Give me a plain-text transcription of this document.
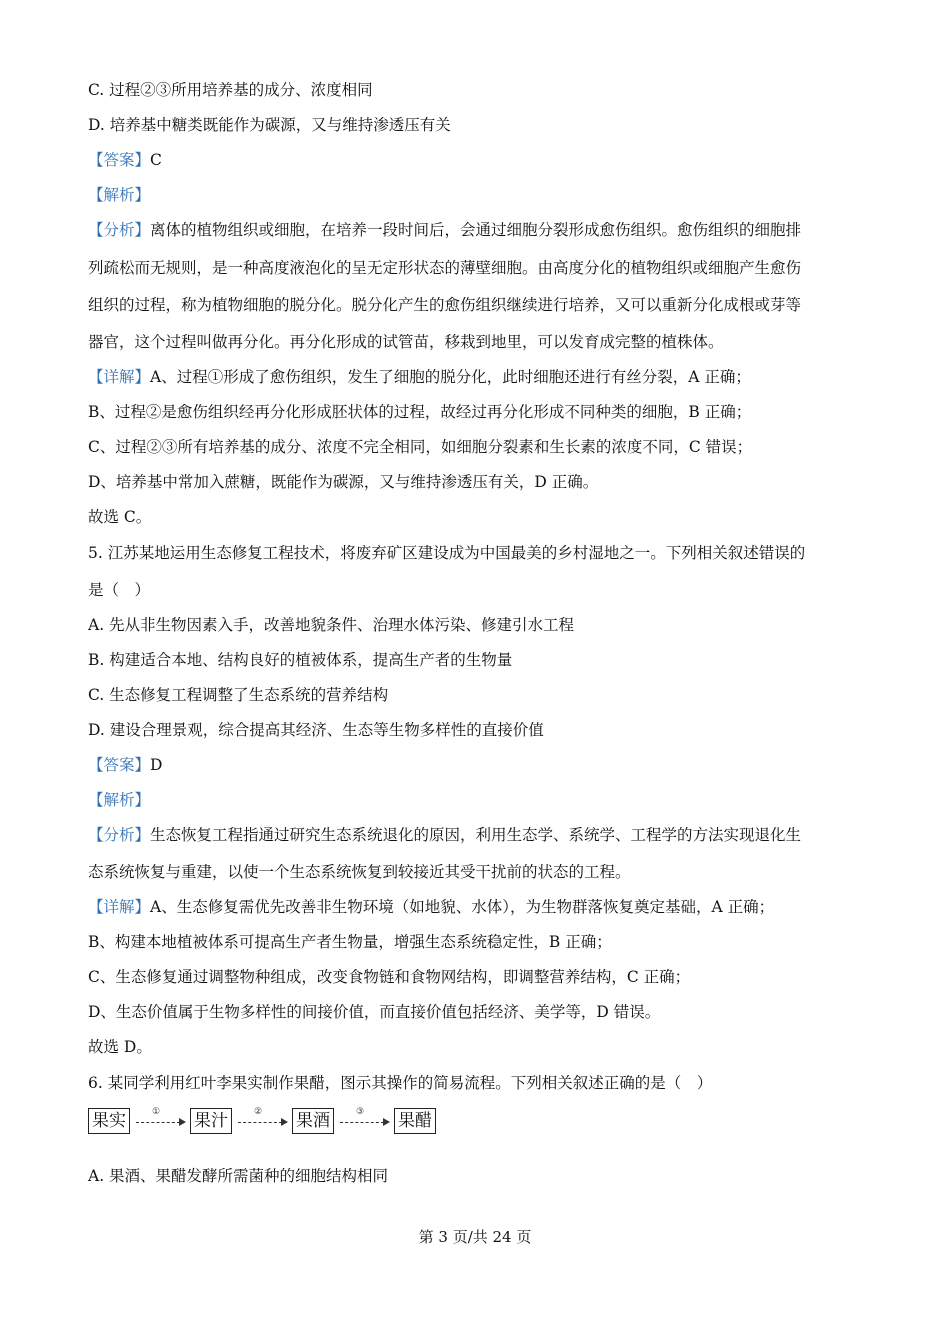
C. 过程②③所用培养基的成分、浓度相同
D. 培养基中糖类既能作为碳源，又与维持渗透压有关
【答案】C
【解析】
【分析】离体的植物组织或细胞，在培养一段时间后，会通过细胞分裂形成愈伤组织。愈伤组织的细胞排
列疏松而无规则，是一种高度液泡化的呈无定形状态的薄壁细胞。由高度分化的植物组织或细胞产生愈伤
组织的过程，称为植物细胞的脱分化。脱分化产生的愈伤组织继续进行培养，又可以重新分化成根或芽等
器官，这个过程叫做再分化。再分化形成的试管苗，移栽到地里，可以发育成完整的植株体。
【详解】A、过程①形成了愈伤组织，发生了细胞的脱分化，此时细胞还进行有丝分裂，A 正确；
B、过程②是愈伤组织经再分化形成胚状体的过程，故经过再分化形成不同种类的细胞，B 正确；
C、过程②③所有培养基的成分、浓度不完全相同，如细胞分裂素和生长素的浓度不同，C 错误；
D、培养基中常加入蔗糖，既能作为碳源，又与维持渗透压有关，D 正确。
故选 C。
5. 江苏某地运用生态修复工程技术，将废弃矿区建设成为中国最美的乡村湿地之一。下列相关叙述错误的
是（　）
A. 先从非生物因素入手，改善地貌条件、治理水体污染、修建引水工程
B. 构建适合本地、结构良好的植被体系，提高生产者的生物量
C. 生态修复工程调整了生态系统的营养结构
D. 建设合理景观，综合提高其经济、生态等生物多样性的直接价值
【答案】D
【解析】
【分析】生态恢复工程指通过研究生态系统退化的原因，利用生态学、系统学、工程学的方法实现退化生
态系统恢复与重建，以使一个生态系统恢复到较接近其受干扰前的状态的工程。
【详解】A、生态修复需优先改善非生物环境（如地貌、水体），为生物群落恢复奠定基础，A 正确；
B、构建本地植被体系可提高生产者生物量，增强生态系统稳定性，B 正确；
C、生态修复通过调整物种组成，改变食物链和食物网结构，即调整营养结构，C 正确；
D、生态价值属于生物多样性的间接价值，而直接价值包括经济、美学等，D 错误。
故选 D。
6. 某同学利用红叶李果实制作果醋，图示其操作的简易流程。下列相关叙述正确的是（　）
果实	① 果汁	② 果酒	③ 果醋
A. 果酒、果醋发酵所需菌种的细胞结构相同
第 3 页/共 24 页
